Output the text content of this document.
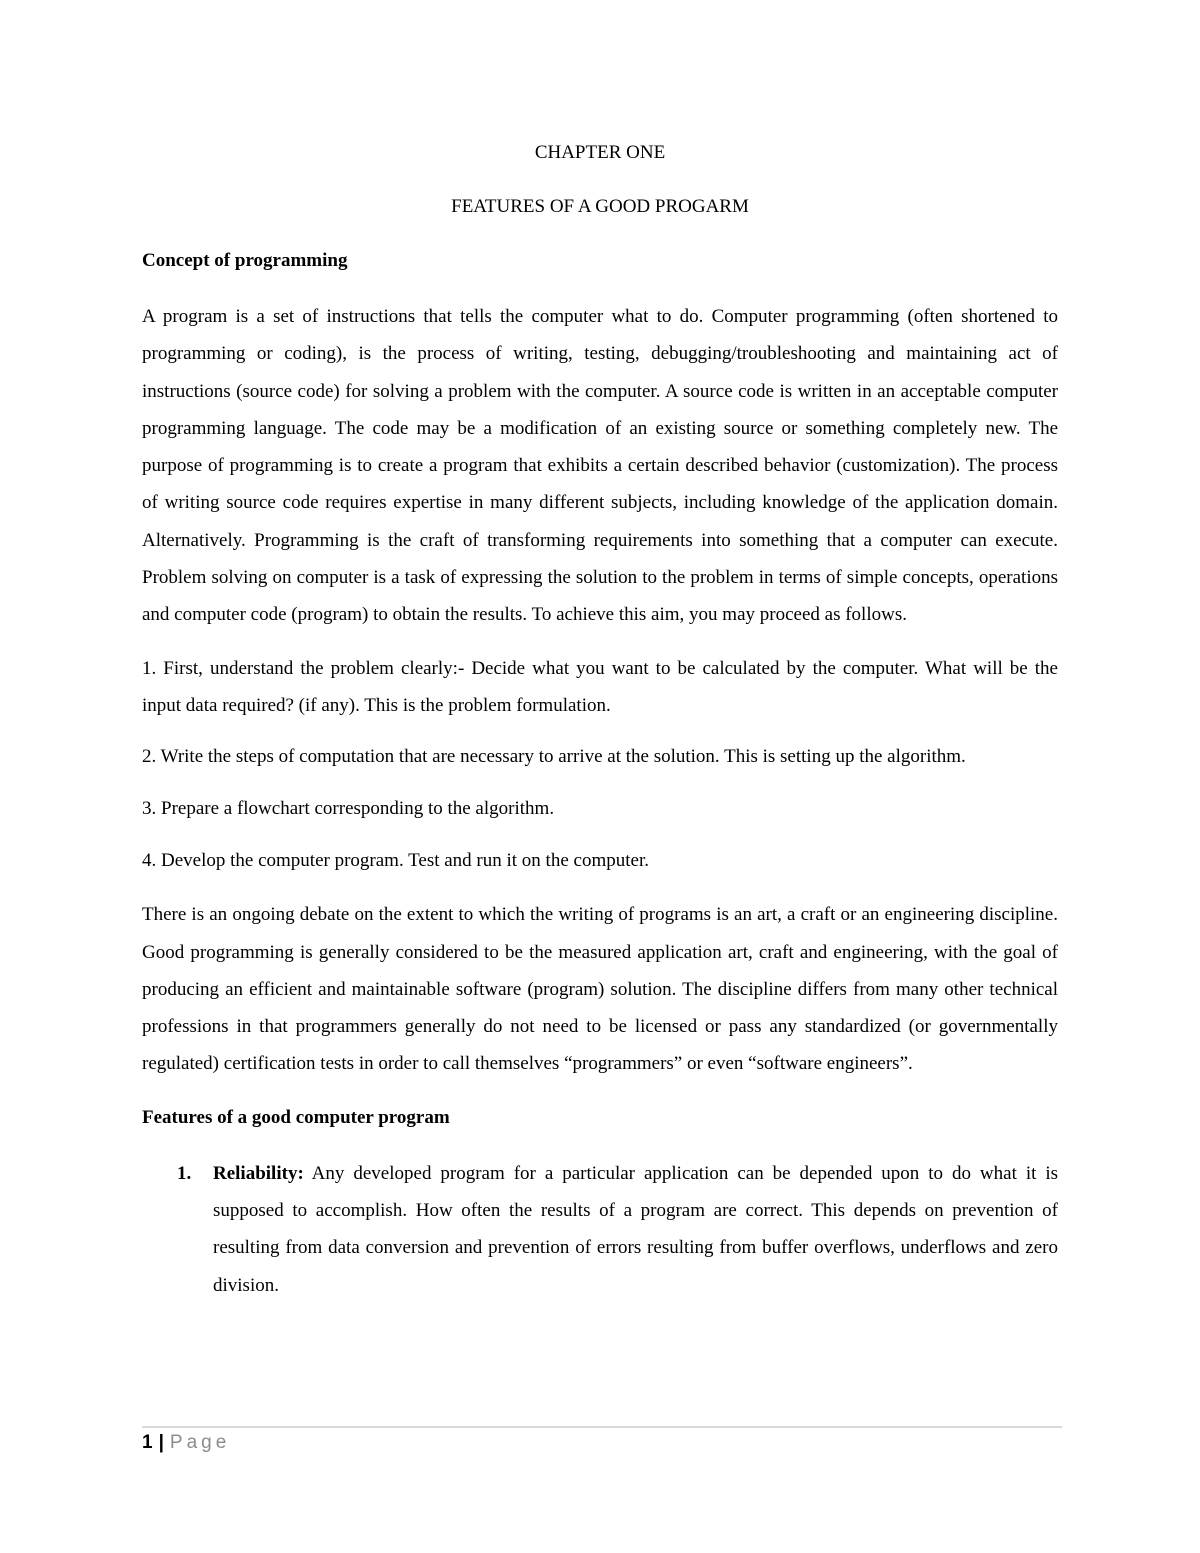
CHAPTER ONE
FEATURES OF A GOOD PROGARM
Concept of programming

A program is a set of instructions that tells the computer what to do. Computer programming (often shortened to programming or coding), is the process of writing, testing, debugging/troubleshooting and maintaining act of instructions (source code) for solving a problem with the computer. A source code is written in an acceptable computer programming language. The code may be a modification of an existing source or something completely new. The purpose of programming is to create a program that exhibits a certain described behavior (customization). The process of writing source code requires expertise in many different subjects, including knowledge of the application domain. Alternatively. Programming is the craft of transforming requirements into something that a computer can execute. Problem solving on computer is a task of expressing the solution to the problem in terms of simple concepts, operations and computer code (program) to obtain the results. To achieve this aim, you may proceed as follows.

1. First, understand the problem clearly:- Decide what you want to be calculated by the computer. What will be the input data required? (if any). This is the problem formulation.

2. Write the steps of computation that are necessary to arrive at the solution. This is setting up the algorithm.

3. Prepare a flowchart corresponding to the algorithm.

4. Develop the computer program. Test and run it on the computer.

There is an ongoing debate on the extent to which the writing of programs is an art, a craft or an engineering discipline. Good programming is generally considered to be the measured application art, craft and engineering, with the goal of producing an efficient and maintainable software (program) solution. The discipline differs from many other technical professions in that programmers generally do not need to be licensed or pass any standardized (or governmentally regulated) certification tests in order to call themselves “programmers” or even “software engineers”.

Features of a good computer program
1. Reliability: Any developed program for a particular application can be depended upon to do what it is supposed to accomplish. How often the results of a program are correct. This depends on prevention of resulting from data conversion and prevention of errors resulting from buffer overflows, underflows and zero division.
1 | Page
